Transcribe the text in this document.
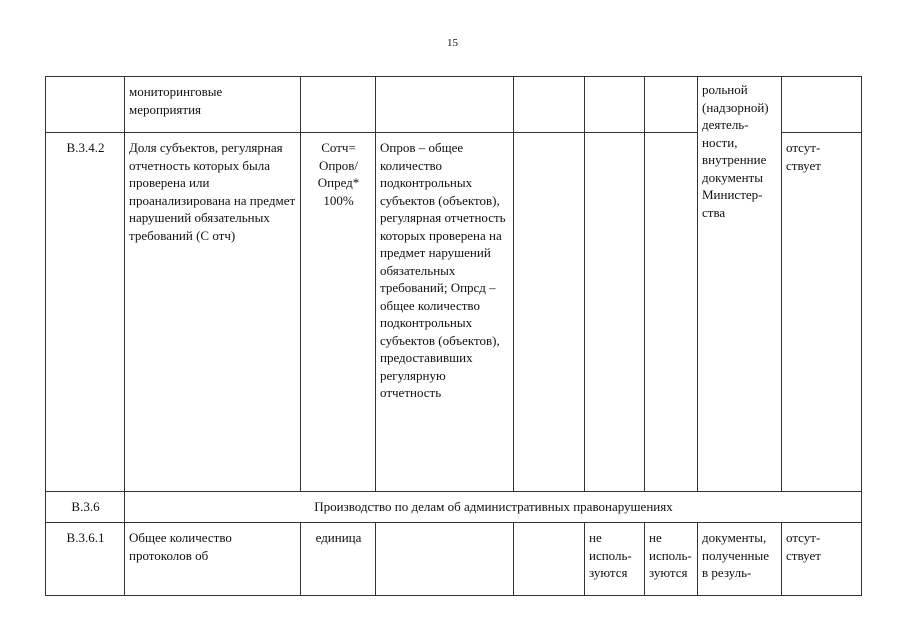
15
	мониторинговые мероприятия						рольной (надзорной) деятель- ности, внутренние документы Министер- ства	
В.3.4.2	Доля субъектов, регулярная отчетность которых была проверена или проанализирована на предмет нарушений обязательных требований (С отч)	Сотч= Опров/ Опред* 100%	Опров – общее количество подконтрольных субъектов (объектов), регулярная отчетность которых проверена на предмет нарушений обязательных требований; Опрсд – общее количество подконтрольных субъектов (объектов), предоставивших регулярную отчетность					отсут- ствует
В.3.6	Производство по делам об административных правонарушениях							
В.3.6.1	Общее количество протоколов об	единица			не исполь- зуются	не исполь- зуются	документы, полученные в резуль-	отсут- ствует
